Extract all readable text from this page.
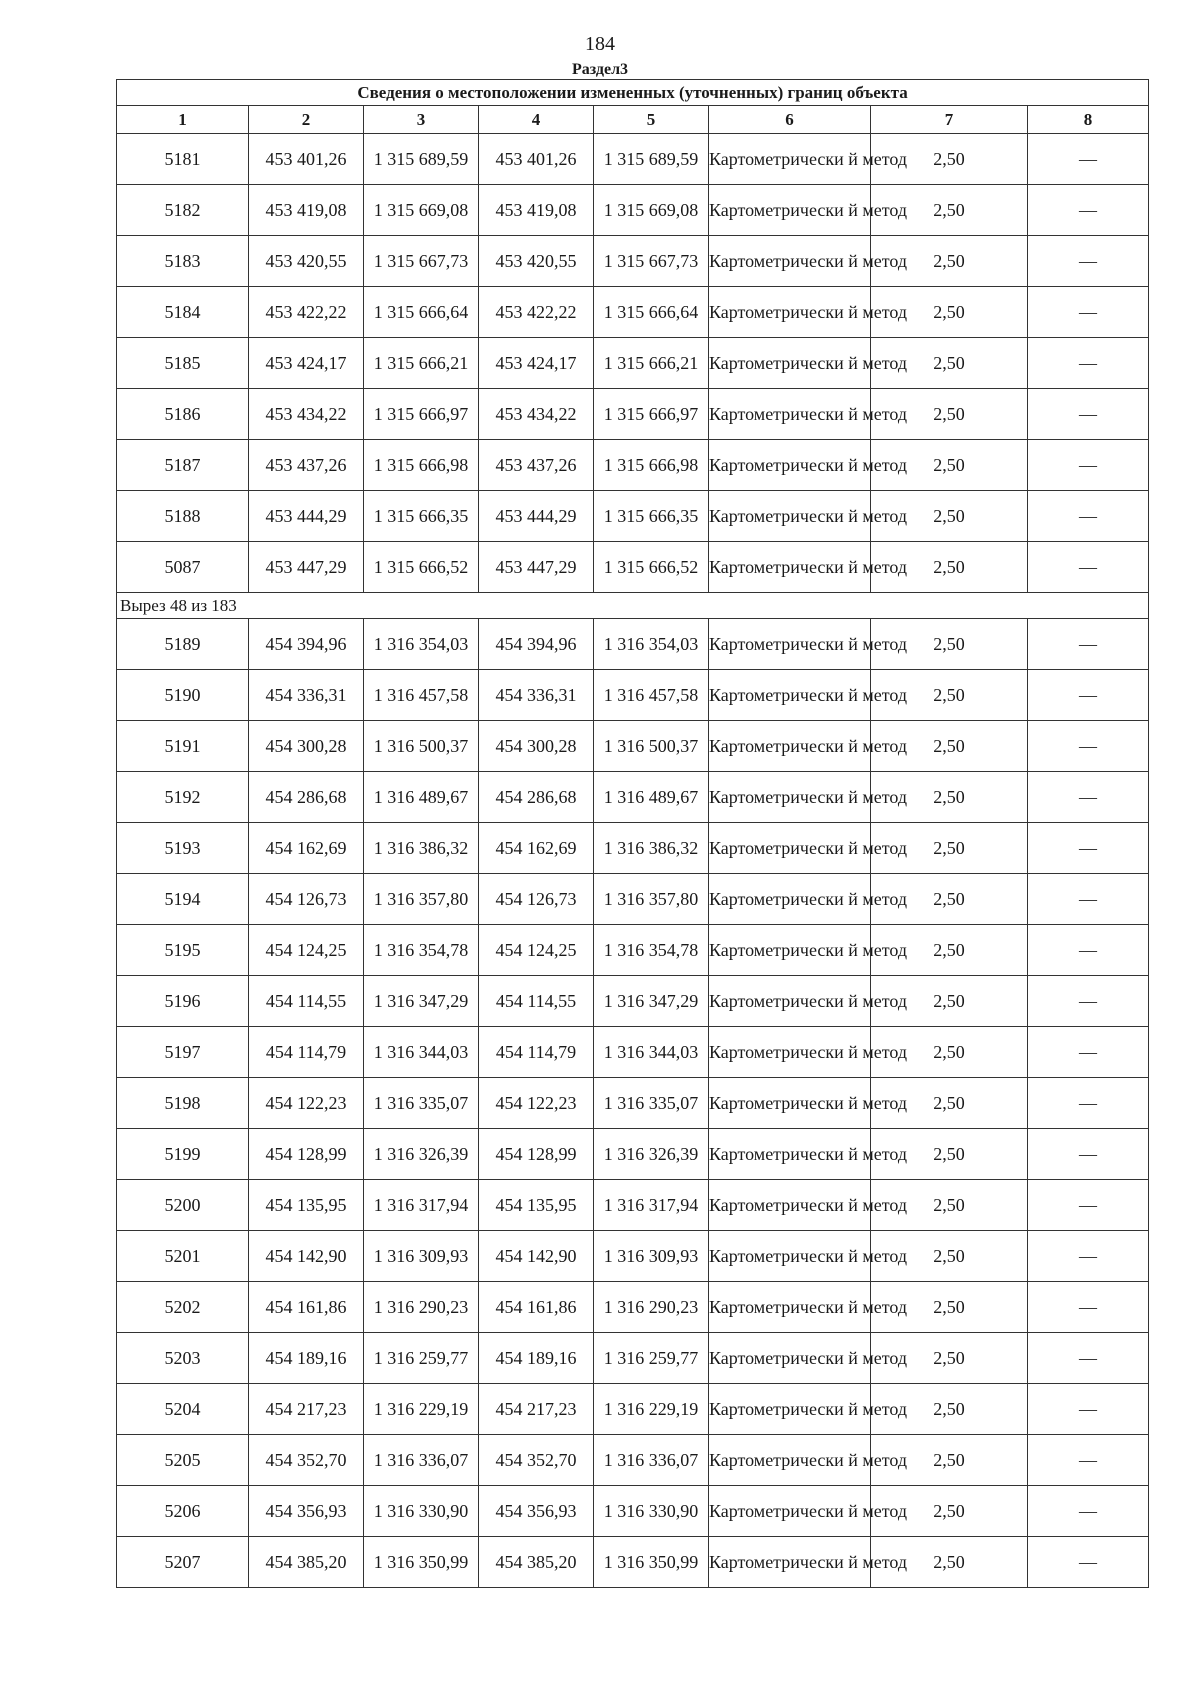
184
Раздел3
Сведения о местоположении измененных (уточненных) границ объекта							
1	2	3	4	5	6	7	8
5181	453 401,26	1 315 689,59	453 401,26	1 315 689,59	Картометрически й метод	2,50	—
5182	453 419,08	1 315 669,08	453 419,08	1 315 669,08	Картометрически й метод	2,50	—
5183	453 420,55	1 315 667,73	453 420,55	1 315 667,73	Картометрически й метод	2,50	—
5184	453 422,22	1 315 666,64	453 422,22	1 315 666,64	Картометрически й метод	2,50	—
5185	453 424,17	1 315 666,21	453 424,17	1 315 666,21	Картометрически й метод	2,50	—
5186	453 434,22	1 315 666,97	453 434,22	1 315 666,97	Картометрически й метод	2,50	—
5187	453 437,26	1 315 666,98	453 437,26	1 315 666,98	Картометрически й метод	2,50	—
5188	453 444,29	1 315 666,35	453 444,29	1 315 666,35	Картометрически й метод	2,50	—
5087	453 447,29	1 315 666,52	453 447,29	1 315 666,52	Картометрически й метод	2,50	—
Вырез 48 из 183							
5189	454 394,96	1 316 354,03	454 394,96	1 316 354,03	Картометрически й метод	2,50	—
5190	454 336,31	1 316 457,58	454 336,31	1 316 457,58	Картометрически й метод	2,50	—
5191	454 300,28	1 316 500,37	454 300,28	1 316 500,37	Картометрически й метод	2,50	—
5192	454 286,68	1 316 489,67	454 286,68	1 316 489,67	Картометрически й метод	2,50	—
5193	454 162,69	1 316 386,32	454 162,69	1 316 386,32	Картометрически й метод	2,50	—
5194	454 126,73	1 316 357,80	454 126,73	1 316 357,80	Картометрически й метод	2,50	—
5195	454 124,25	1 316 354,78	454 124,25	1 316 354,78	Картометрически й метод	2,50	—
5196	454 114,55	1 316 347,29	454 114,55	1 316 347,29	Картометрически й метод	2,50	—
5197	454 114,79	1 316 344,03	454 114,79	1 316 344,03	Картометрически й метод	2,50	—
5198	454 122,23	1 316 335,07	454 122,23	1 316 335,07	Картометрически й метод	2,50	—
5199	454 128,99	1 316 326,39	454 128,99	1 316 326,39	Картометрически й метод	2,50	—
5200	454 135,95	1 316 317,94	454 135,95	1 316 317,94	Картометрически й метод	2,50	—
5201	454 142,90	1 316 309,93	454 142,90	1 316 309,93	Картометрически й метод	2,50	—
5202	454 161,86	1 316 290,23	454 161,86	1 316 290,23	Картометрически й метод	2,50	—
5203	454 189,16	1 316 259,77	454 189,16	1 316 259,77	Картометрически й метод	2,50	—
5204	454 217,23	1 316 229,19	454 217,23	1 316 229,19	Картометрически й метод	2,50	—
5205	454 352,70	1 316 336,07	454 352,70	1 316 336,07	Картометрически й метод	2,50	—
5206	454 356,93	1 316 330,90	454 356,93	1 316 330,90	Картометрически й метод	2,50	—
5207	454 385,20	1 316 350,99	454 385,20	1 316 350,99	Картометрически й метод	2,50	—
